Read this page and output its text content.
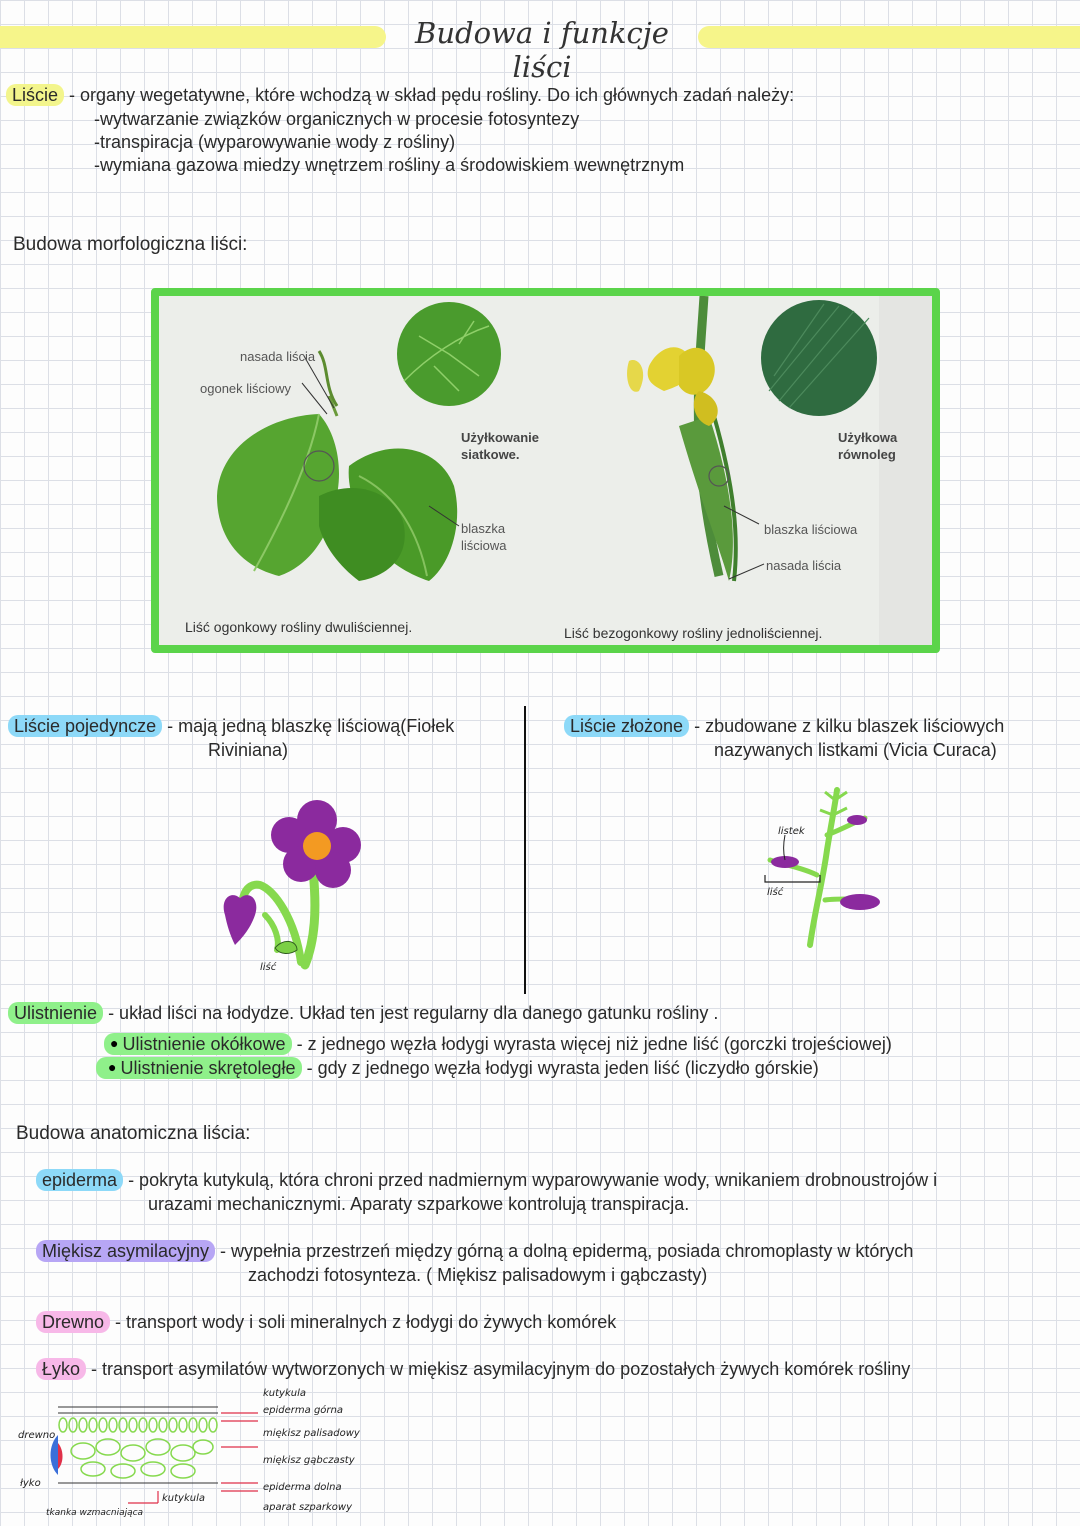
Budowa i funkcje liści
Liście - organy wegetatywne, które wchodzą w skład pędu rośliny. Do ich głównych zadań należy:
-wytwarzanie związków organicznych w procesie fotosyntezy
-transpiracja (wyparowywanie wody z rośliny)
-wymiana gazowa miedzy wnętrzem rośliny a środowiskiem wewnętrznym
Budowa morfologiczna liści:
nasada liścia
ogonek liściowy
Użyłkowanie
siatkowe.
blaszka
liściowa
Liść ogonkowy rośliny dwuliściennej.
Użyłkowa
równoleg
blaszka liściowa
nasada liścia
Liść bezogonkowy rośliny jednoliściennej.
Liście pojedyncze - mają jedną blaszkę liściową(Fiołek
Riviniana)
liść
Liście złożone - zbudowane z kilku blaszek liściowych
nazywanych listkami (Vicia Curaca)
listek
liść
Ulistnienie - układ liści na łodydze. Układ ten jest regularny dla danego gatunku rośliny .
● Ulistnienie okółkowe - z jednego węzła łodygi wyrasta więcej niż jedne liść (gorczki trojeściowej)
● Ulistnienie skrętoległe - gdy z jednego węzła łodygi wyrasta jeden liść (liczydło górskie)
Budowa anatomiczna liścia:
epiderma - pokryta kutykulą, która chroni przed nadmiernym wyparowywanie wody, wnikaniem drobnoustrojów i
urazami mechanicznymi. Aparaty szparkowe kontrolują transpiracja.
Miękisz asymilacyjny - wypełnia przestrzeń między górną a dolną epidermą, posiada chromoplasty w których
zachodzi fotosynteza. ( Miękisz palisadowym i gąbczasty)
Drewno - transport wody i soli mineralnych z łodygi do żywych komórek
Łyko - transport asymilatów wytworzonych w miękisz asymilacyjnym do pozostałych żywych komórek rośliny
kutykula
epiderma górna
miękisz palisadowy
miękisz gąbczasty
epiderma dolna
aparat szparkowy
drewno
łyko
kutykula
tkanka wzmacniająca
